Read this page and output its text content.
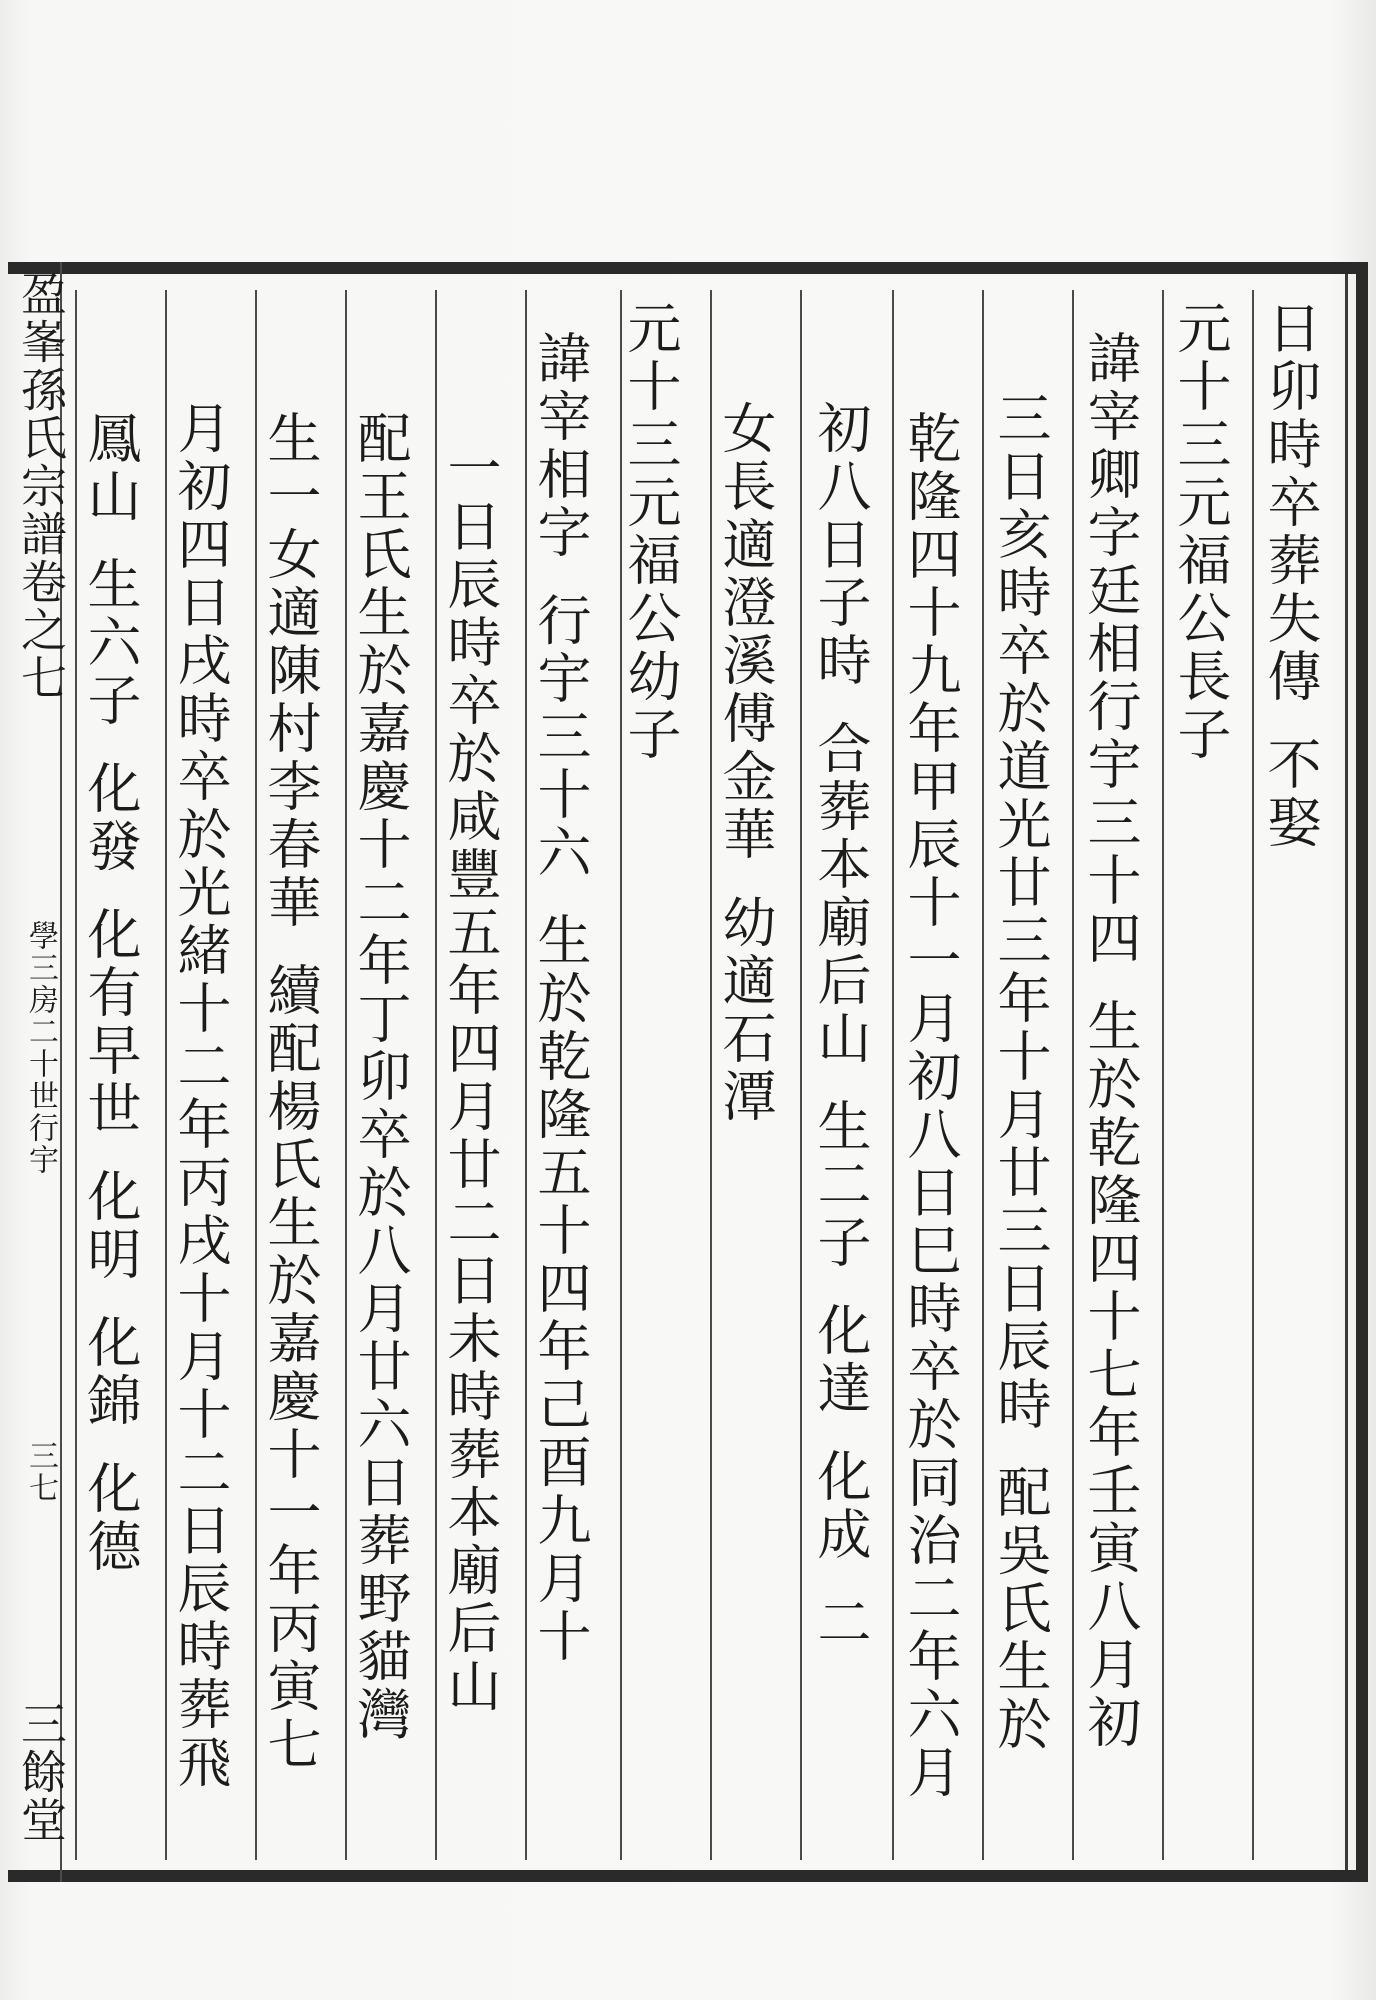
盈峯孫氏宗譜卷之七
學三房二十世行宇
三七
三餘堂
日卯時卒葬失傳不娶
元十三元福公長子
諱宰卿字廷相行宇三十四生於乾隆四十七年壬寅八月初
三日亥時卒於道光廿三年十月廿三日辰時配吳氏生於
乾隆四十九年甲辰十一月初八日巳時卒於同治二年六月
初八日子時合葬本廟后山生二子化達化成二
女長適澄溪傅金華幼適石潭
元十三元福公幼子
諱宰相字行宇三十六生於乾隆五十四年己酉九月十
一日辰時卒於咸豐五年四月廿二日未時葬本廟后山
配王氏生於嘉慶十二年丁卯卒於八月廿六日葬野貓灣
生一女適陳村李春華續配楊氏生於嘉慶十一年丙寅七
月初四日戌時卒於光緒十二年丙戌十月十二日辰時葬飛
鳳山生六子化發化有早世化明化錦化德
